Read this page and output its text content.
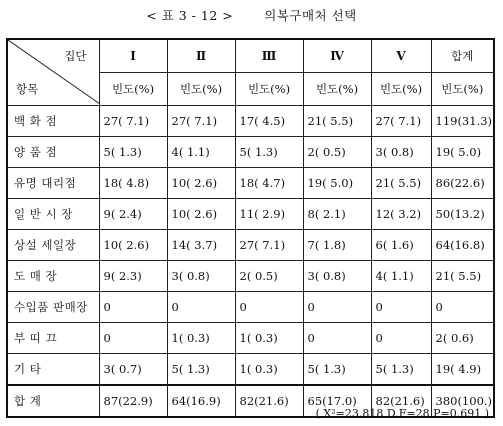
< 표 3 - 12 > 의복구매처 선택
집단
항목	Ⅰ	Ⅱ	Ⅲ	Ⅳ	Ⅴ	합계
	빈도(%)	빈도(%)	빈도(%)	빈도(%)	빈도(%)	빈도(%)
백 화 점	27( 7.1)	27( 7.1)	17( 4.5)	21( 5.5)	27( 7.1)	119(31.3)
양 품 점	5( 1.3)	4( 1.1)	5( 1.3)	2( 0.5)	3( 0.8)	19( 5.0)
유명 대리점	18( 4.8)	10( 2.6)	18( 4.7)	19( 5.0)	21( 5.5)	86(22.6)
일 반 시 장	9( 2.4)	10( 2.6)	11( 2.9)	8( 2.1)	12( 3.2)	50(13.2)
상설 세일장	10( 2.6)	14( 3.7)	27( 7.1)	7( 1.8)	6( 1.6)	64(16.8)
도 매 장	9( 2.3)	3( 0.8)	2( 0.5)	3( 0.8)	4( 1.1)	21( 5.5)
수입품 판매장	0	0	0	0	0	0
부 띠 끄	0	1( 0.3)	1( 0.3)	0	0	2( 0.6)
기 타	3( 0.7)	5( 1.3)	1( 0.3)	5( 1.3)	5( 1.3)	19( 4.9)
합 계	87(22.9)	64(16.9)	82(21.6)	65(17.0)	82(21.6)	380(100.)
( X²=23.818 D.F=28 P=0.691 )
